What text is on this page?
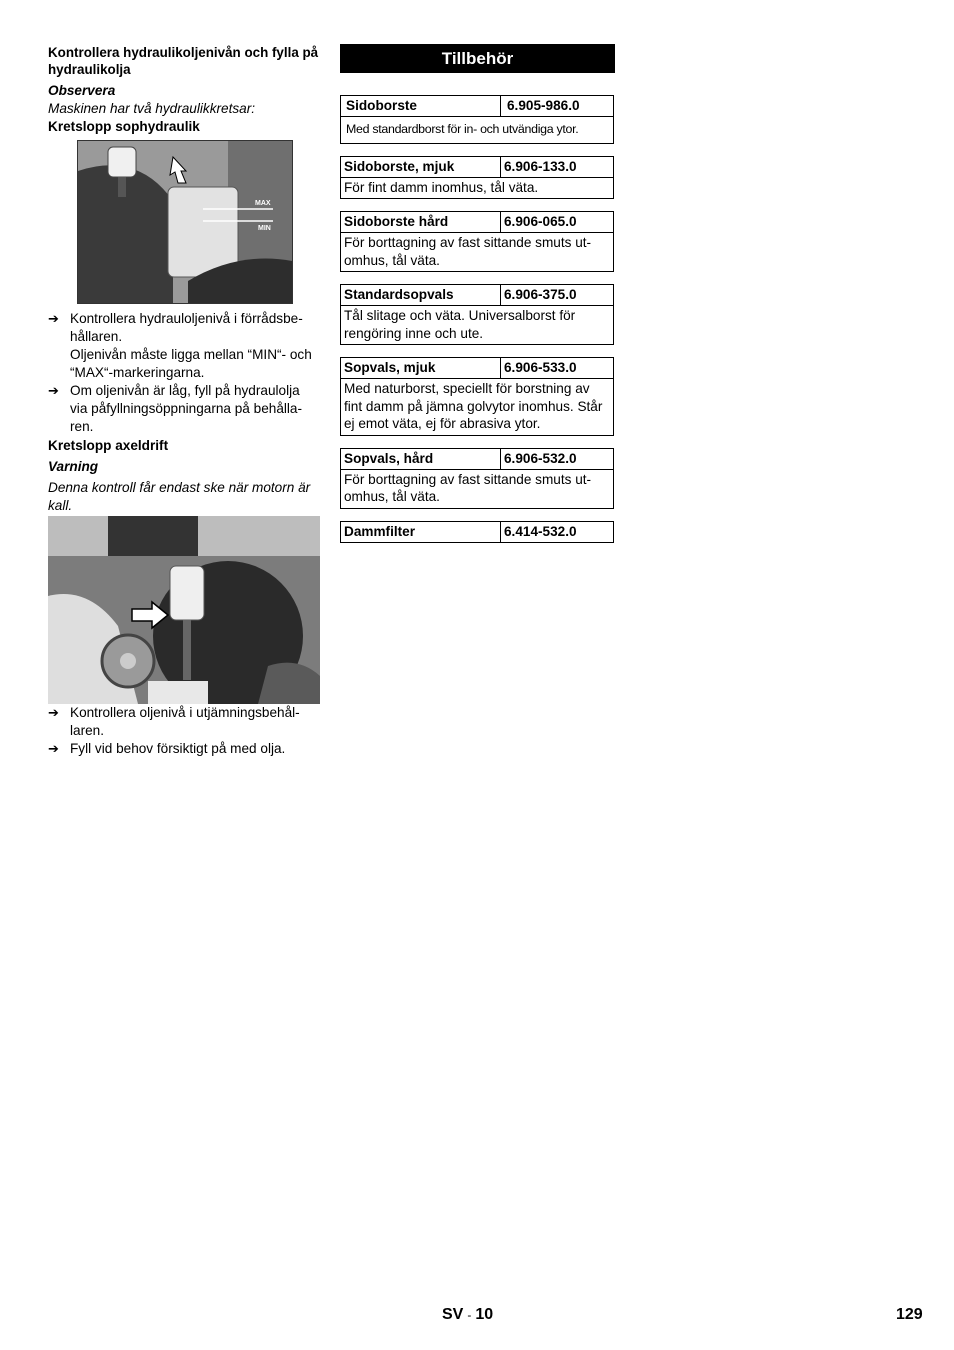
Kontrollera hydraulikoljenivån och fylla på hydraulikolja

Observera

Maskinen har två hydraulikkretsar:

Kretslopp sophydraulik

MAX
MIN

➔ Kontrollera hydrauloljenivå i förrådsbe-hållaren.

Oljenivån måste ligga mellan “MIN“- och “MAX“-markeringarna.

➔ Om oljenivån är låg, fyll på hydraulolja via påfyllningsöppningarna på behålla-ren.

Kretslopp axeldrift

Varning

Denna kontroll får endast ske när motorn är kall.

➔ Kontrollera oljenivå i utjämningsbehål-laren.

➔ Fyll vid behov försiktigt på med olja.

Tillbehör
Sidoborste	6.905-986.0
Med standardborst för in- och utvändiga ytor.
Sidoborste, mjuk	6.906-133.0
För fint damm inomhus, tål väta.
Sidoborste hård	6.906-065.0
För borttagning av fast sittande smuts ut-omhus, tål väta.
Standardsopvals	6.906-375.0
Tål slitage och väta. Universalborst för rengöring inne och ute.
Sopvals, mjuk	6.906-533.0
Med naturborst, speciellt för borstning av fint damm på jämna golvytor inomhus. Står ej emot väta, ej för abrasiva ytor.
Sopvals, hård	6.906-532.0
För borttagning av fast sittande smuts ut-omhus, tål väta.
Dammfilter	6.414-532.0
SV - 10	129
